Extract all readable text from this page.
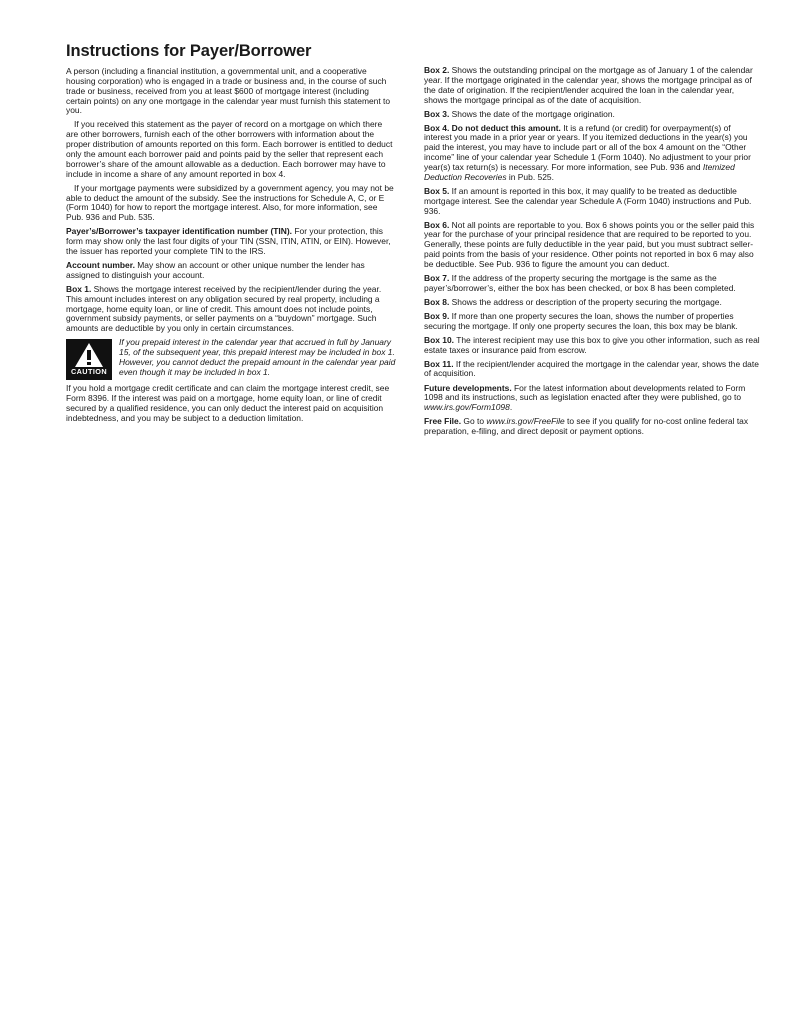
Instructions for Payer/Borrower

A person (including a financial institution, a governmental unit, and a cooperative housing corporation) who is engaged in a trade or business and, in the course of such trade or business, received from you at least $600 of mortgage interest (including certain points) on any one mortgage in the calendar year must furnish this statement to you.

If you received this statement as the payer of record on a mortgage on which there are other borrowers, furnish each of the other borrowers with information about the proper distribution of amounts reported on this form. Each borrower is entitled to deduct only the amount each borrower paid and points paid by the seller that represent each borrower’s share of the amount allowable as a deduction. Each borrower may have to include in income a share of any amount reported in box 4.

If your mortgage payments were subsidized by a government agency, you may not be able to deduct the amount of the subsidy. See the instructions for Schedule A, C, or E (Form 1040) for how to report the mortgage interest. Also, for more information, see Pub. 936 and Pub. 535.

Payer’s/Borrower’s taxpayer identification number (TIN). For your protection, this form may show only the last four digits of your TIN (SSN, ITIN, ATIN, or EIN). However, the issuer has reported your complete TIN to the IRS.

Account number. May show an account or other unique number the lender has assigned to distinguish your account.

Box 1. Shows the mortgage interest received by the recipient/lender during the year. This amount includes interest on any obligation secured by real property, including a mortgage, home equity loan, or line of credit. This amount does not include points, government subsidy payments, or seller payments on a “buydown” mortgage. Such amounts are deductible by you only in certain circumstances.

CAUTION
If you prepaid interest in the calendar year that accrued in full by January 15, of the subsequent year, this prepaid interest may be included in box 1. However, you cannot deduct the prepaid amount in the calendar year paid even though it may be included in box 1.

If you hold a mortgage credit certificate and can claim the mortgage interest credit, see Form 8396. If the interest was paid on a mortgage, home equity loan, or line of credit secured by a qualified residence, you can only deduct the interest paid on acquisition indebtedness, and you may be subject to a deduction limitation.

Box 2. Shows the outstanding principal on the mortgage as of January 1 of the calendar year. If the mortgage originated in the calendar year, shows the mortgage principal as of the date of origination. If the recipient/lender acquired the loan in the calendar year, shows the mortgage principal as of the date of acquisition.

Box 3. Shows the date of the mortgage origination.

Box 4. Do not deduct this amount. It is a refund (or credit) for overpayment(s) of interest you made in a prior year or years. If you itemized deductions in the year(s) you paid the interest, you may have to include part or all of the box 4 amount on the “Other income” line of your calendar year Schedule 1 (Form 1040). No adjustment to your prior year(s) tax return(s) is necessary. For more information, see Pub. 936 and Itemized Deduction Recoveries in Pub. 525.

Box 5. If an amount is reported in this box, it may qualify to be treated as deductible mortgage interest. See the calendar year Schedule A (Form 1040) instructions and Pub. 936.

Box 6. Not all points are reportable to you. Box 6 shows points you or the seller paid this year for the purchase of your principal residence that are required to be reported to you. Generally, these points are fully deductible in the year paid, but you must subtract seller-paid points from the basis of your residence. Other points not reported in box 6 may also be deductible. See Pub. 936 to figure the amount you can deduct.

Box 7. If the address of the property securing the mortgage is the same as the payer’s/borrower’s, either the box has been checked, or box 8 has been completed.

Box 8. Shows the address or description of the property securing the mortgage.

Box 9. If more than one property secures the loan, shows the number of properties securing the mortgage. If only one property secures the loan, this box may be blank.

Box 10. The interest recipient may use this box to give you other information, such as real estate taxes or insurance paid from escrow.

Box 11. If the recipient/lender acquired the mortgage in the calendar year, shows the date of acquisition.

Future developments. For the latest information about developments related to Form 1098 and its instructions, such as legislation enacted after they were published, go to www.irs.gov/Form1098.

Free File. Go to www.irs.gov/FreeFile to see if you qualify for no-cost online federal tax preparation, e-filing, and direct deposit or payment options.
